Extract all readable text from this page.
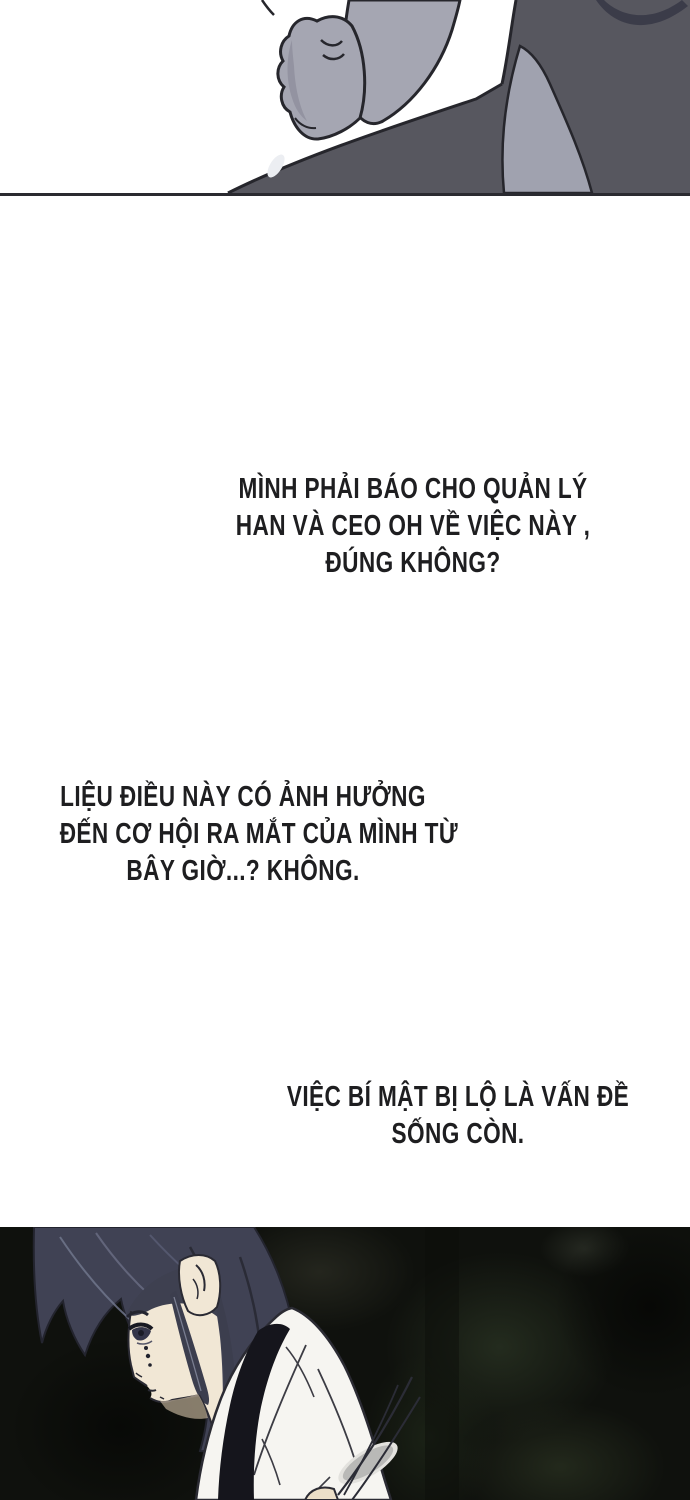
MÌNH PHẢI BÁO CHO QUẢN LÝ
HAN VÀ CEO OH VỀ VIỆC NÀY ,
ĐÚNG KHÔNG?
LIỆU ĐIỀU NÀY CÓ ẢNH HƯỞNG
ĐẾN CƠ HỘI RA MẮT CỦA MÌNH TỪ
BÂY GIỜ...? KHÔNG.
VIỆC BÍ MẬT BỊ LỘ LÀ VẤN ĐỀ
SỐNG CÒN.
